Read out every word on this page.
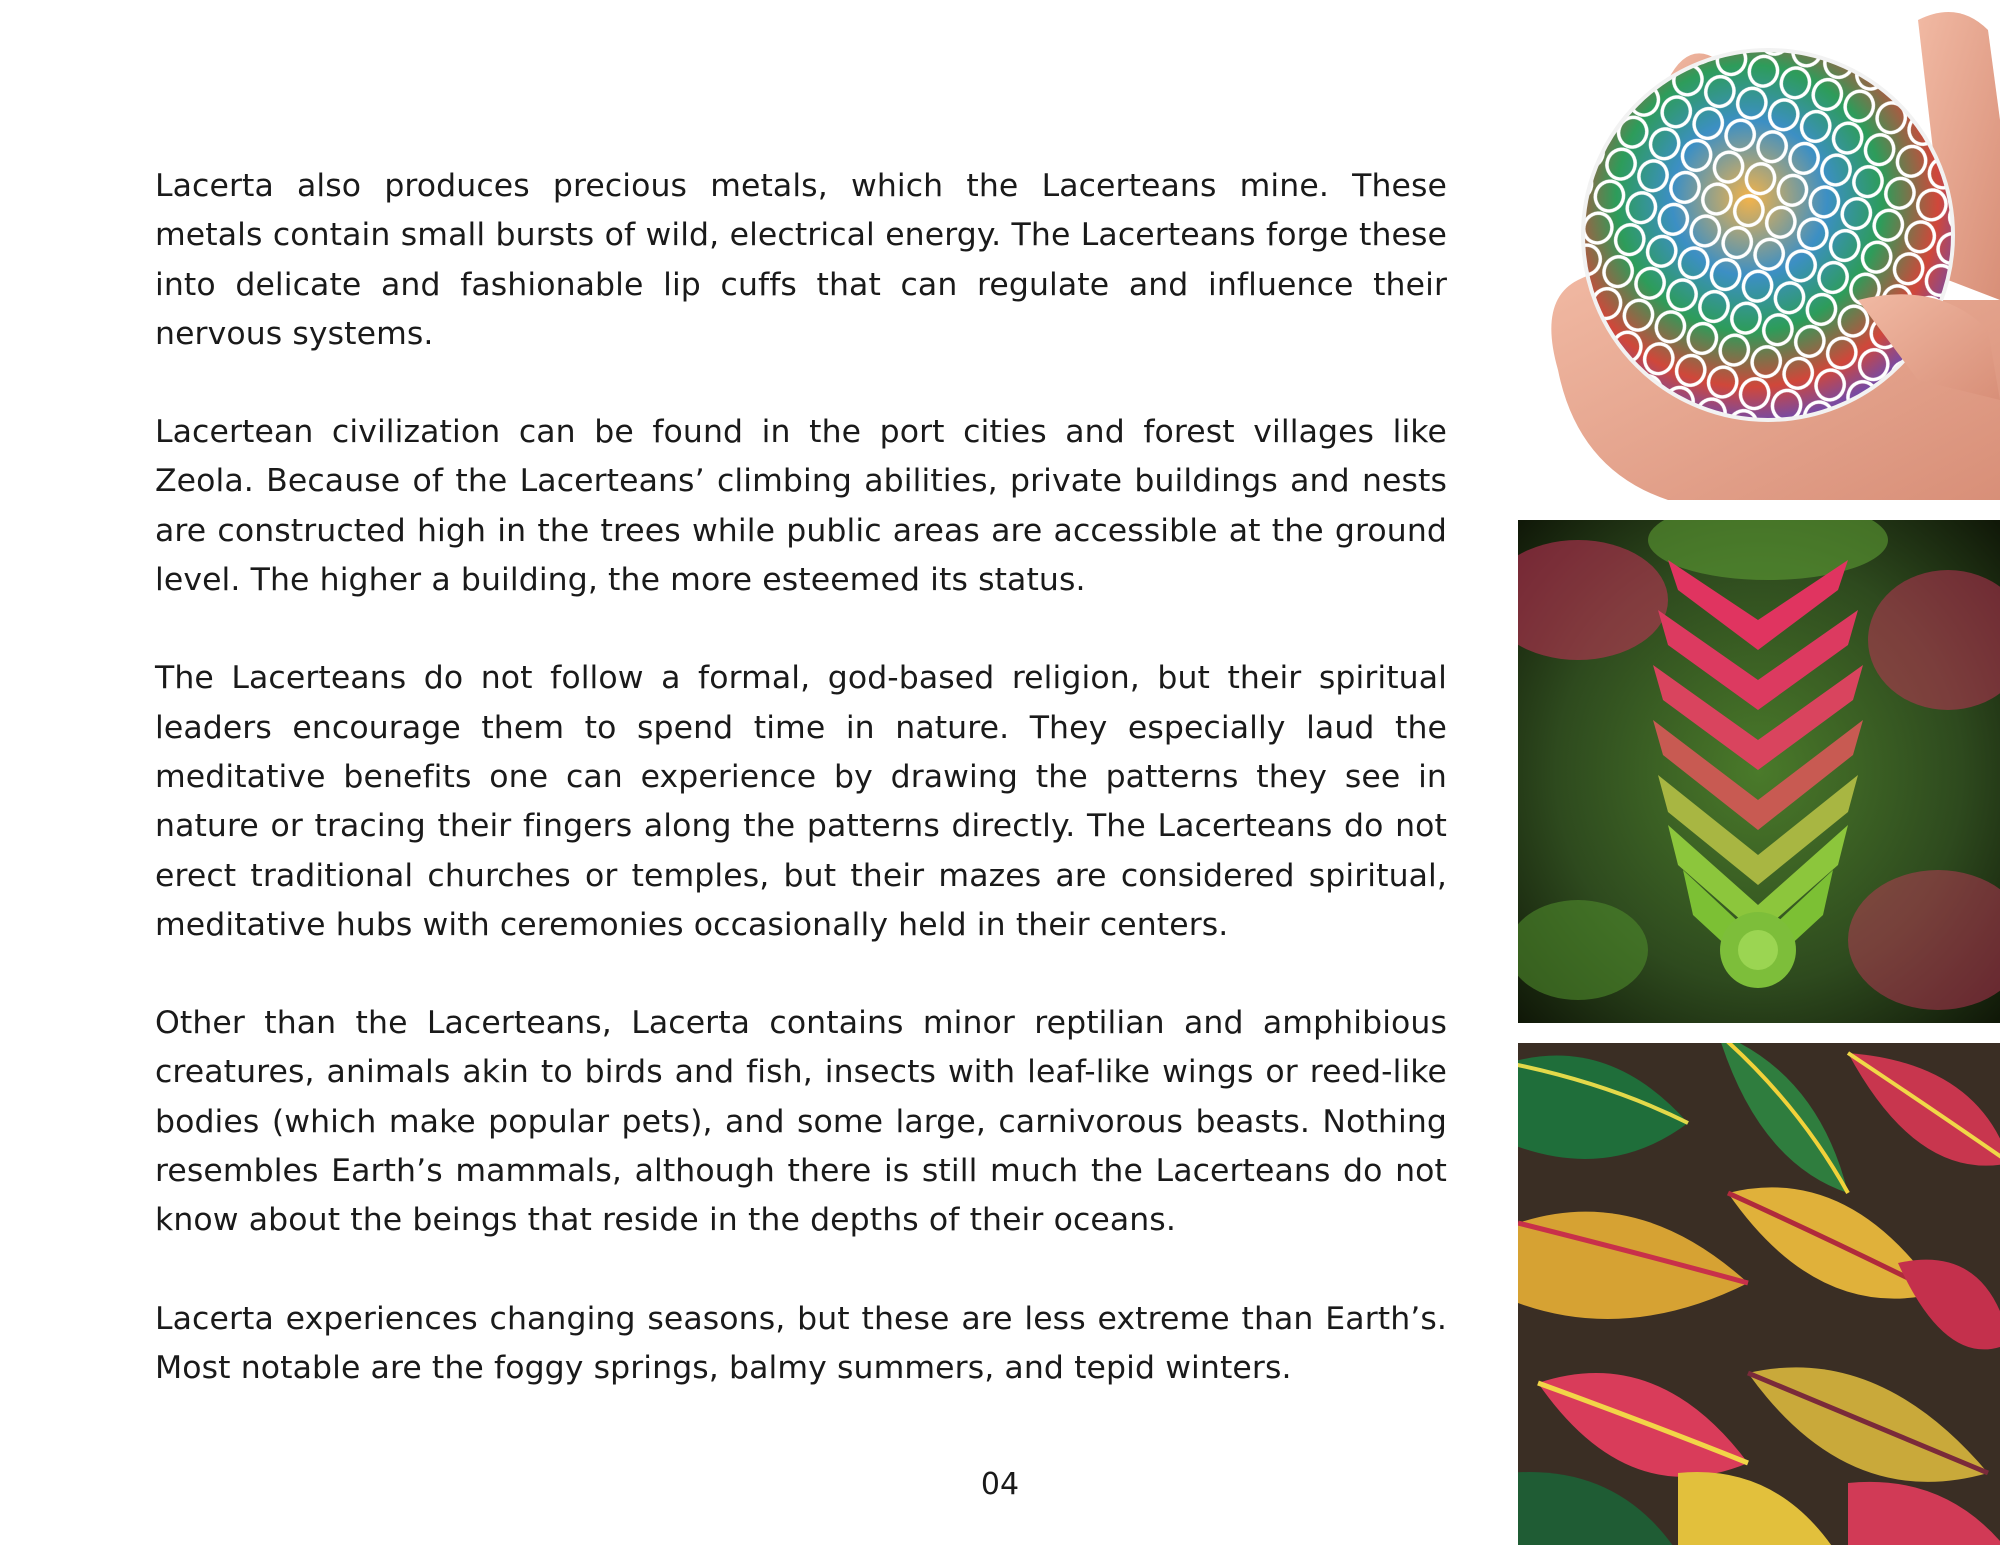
Lacerta also produces precious metals, which the Lacerteans mine. These metals contain small bursts of wild, electrical energy. The Lacerteans forge these into delicate and fashionable lip cuffs that can regulate and influence their nervous systems.

Lacertean civilization can be found in the port cities and forest villages like Zeola. Because of the Lacerteans’ climbing abilities, private buildings and nests are constructed high in the trees while public areas are accessible at the ground level. The higher a building, the more esteemed its status.

The Lacerteans do not follow a formal, god-based religion, but their spiritual leaders encourage them to spend time in nature. They especially laud the meditative benefits one can experience by drawing the patterns they see in nature or tracing their fingers along the patterns directly. The Lacerteans do not erect traditional churches or temples, but their mazes are considered spiritual, meditative hubs with ceremonies occasionally held in their centers.

Other than the Lacerteans, Lacerta contains minor reptilian and amphibious creatures, animals akin to birds and fish, insects with leaf-like wings or reed-like bodies (which make popular pets), and some large, carnivorous beasts. Nothing resembles Earth’s mammals, although there is still much the Lacerteans do not know about the beings that reside in the depths of their oceans.

Lacerta experiences changing seasons, but these are less extreme than Earth’s. Most notable are the foggy springs, balmy summers, and tepid winters.

04
